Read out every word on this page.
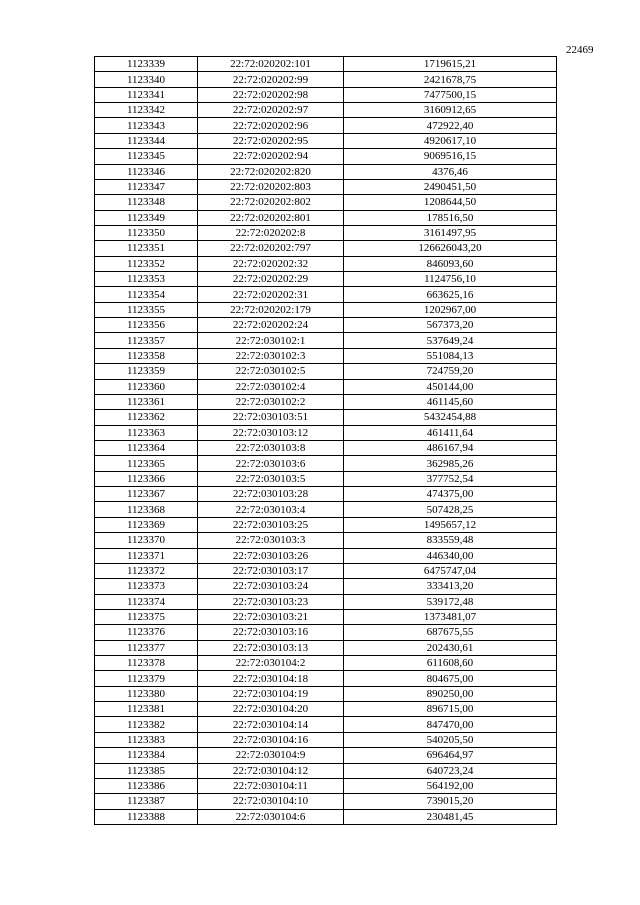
22469
1123339	22:72:020202:101	1719615,21
1123340	22:72:020202:99	2421678,75
1123341	22:72:020202:98	7477500,15
1123342	22:72:020202:97	3160912,65
1123343	22:72:020202:96	472922,40
1123344	22:72:020202:95	4920617,10
1123345	22:72:020202:94	9069516,15
1123346	22:72:020202:820	4376,46
1123347	22:72:020202:803	2490451,50
1123348	22:72:020202:802	1208644,50
1123349	22:72:020202:801	178516,50
1123350	22:72:020202:8	3161497,95
1123351	22:72:020202:797	126626043,20
1123352	22:72:020202:32	846093,60
1123353	22:72:020202:29	1124756,10
1123354	22:72:020202:31	663625,16
1123355	22:72:020202:179	1202967,00
1123356	22:72:020202:24	567373,20
1123357	22:72:030102:1	537649,24
1123358	22:72:030102:3	551084,13
1123359	22:72:030102:5	724759,20
1123360	22:72:030102:4	450144,00
1123361	22:72:030102:2	461145,60
1123362	22:72:030103:51	5432454,88
1123363	22:72:030103:12	461411,64
1123364	22:72:030103:8	486167,94
1123365	22:72:030103:6	362985,26
1123366	22:72:030103:5	377752,54
1123367	22:72:030103:28	474375,00
1123368	22:72:030103:4	507428,25
1123369	22:72:030103:25	1495657,12
1123370	22:72:030103:3	833559,48
1123371	22:72:030103:26	446340,00
1123372	22:72:030103:17	6475747,04
1123373	22:72:030103:24	333413,20
1123374	22:72:030103:23	539172,48
1123375	22:72:030103:21	1373481,07
1123376	22:72:030103:16	687675,55
1123377	22:72:030103:13	202430,61
1123378	22:72:030104:2	611608,60
1123379	22:72:030104:18	804675,00
1123380	22:72:030104:19	890250,00
1123381	22:72:030104:20	896715,00
1123382	22:72:030104:14	847470,00
1123383	22:72:030104:16	540205,50
1123384	22:72:030104:9	696464,97
1123385	22:72:030104:12	640723,24
1123386	22:72:030104:11	564192,00
1123387	22:72:030104:10	739015,20
1123388	22:72:030104:6	230481,45
